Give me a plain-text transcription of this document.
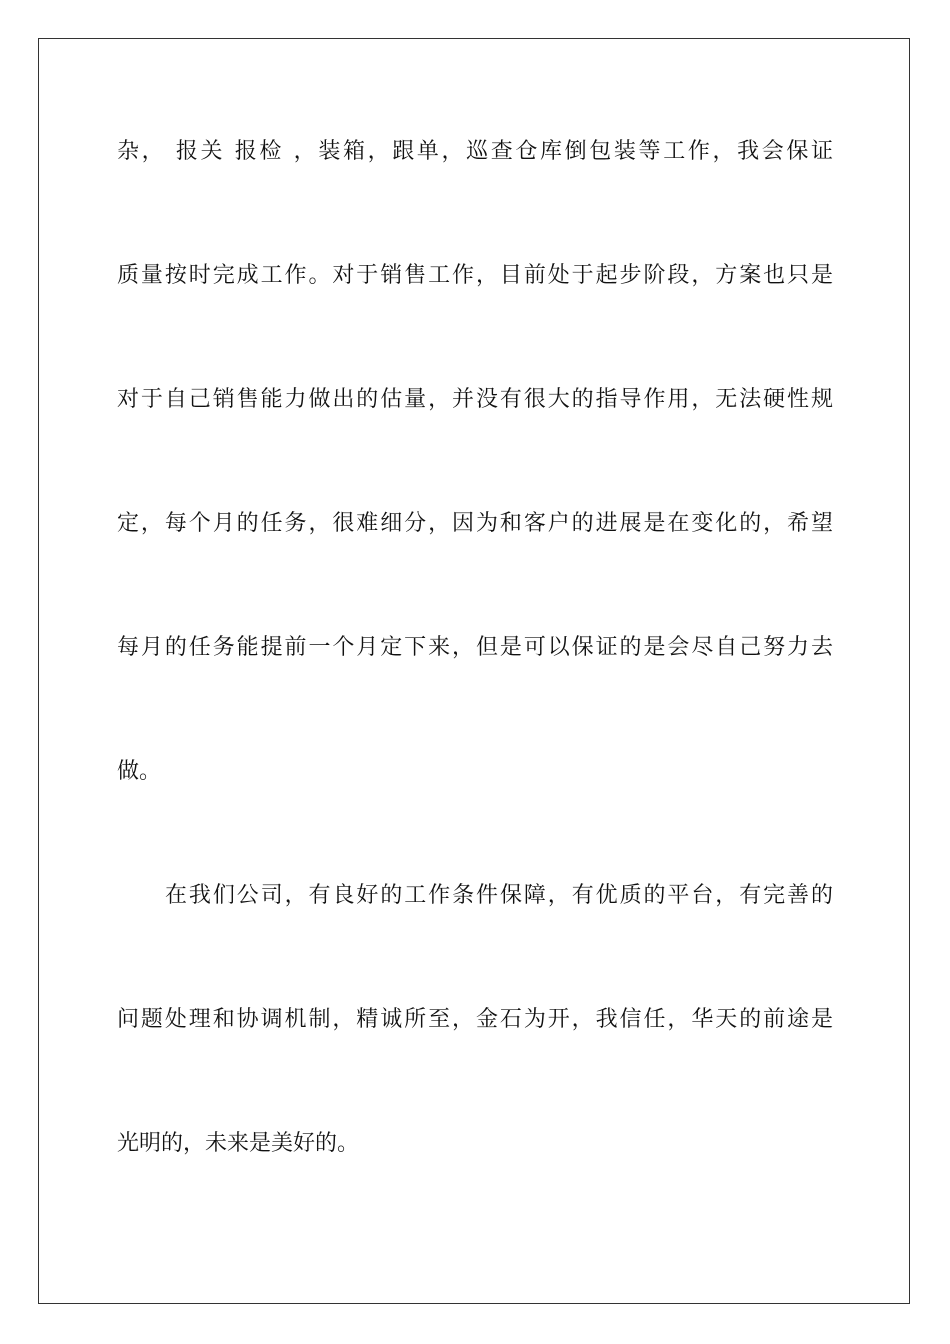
杂， 报关 报检 ，装箱，跟单，巡查仓库倒包装等工作，我会保证
质量按时完成工作。对于销售工作，目前处于起步阶段，方案也只是
对于自己销售能力做出的估量，并没有很大的指导作用，无法硬性规
定，每个月的任务，很难细分，因为和客户的进展是在变化的，希望
每月的任务能提前一个月定下来，但是可以保证的是会尽自己努力去
做。
在我们公司，有良好的工作条件保障，有优质的平台，有完善的
问题处理和协调机制，精诚所至，金石为开，我信任，华天的前途是
光明的，未来是美好的。
